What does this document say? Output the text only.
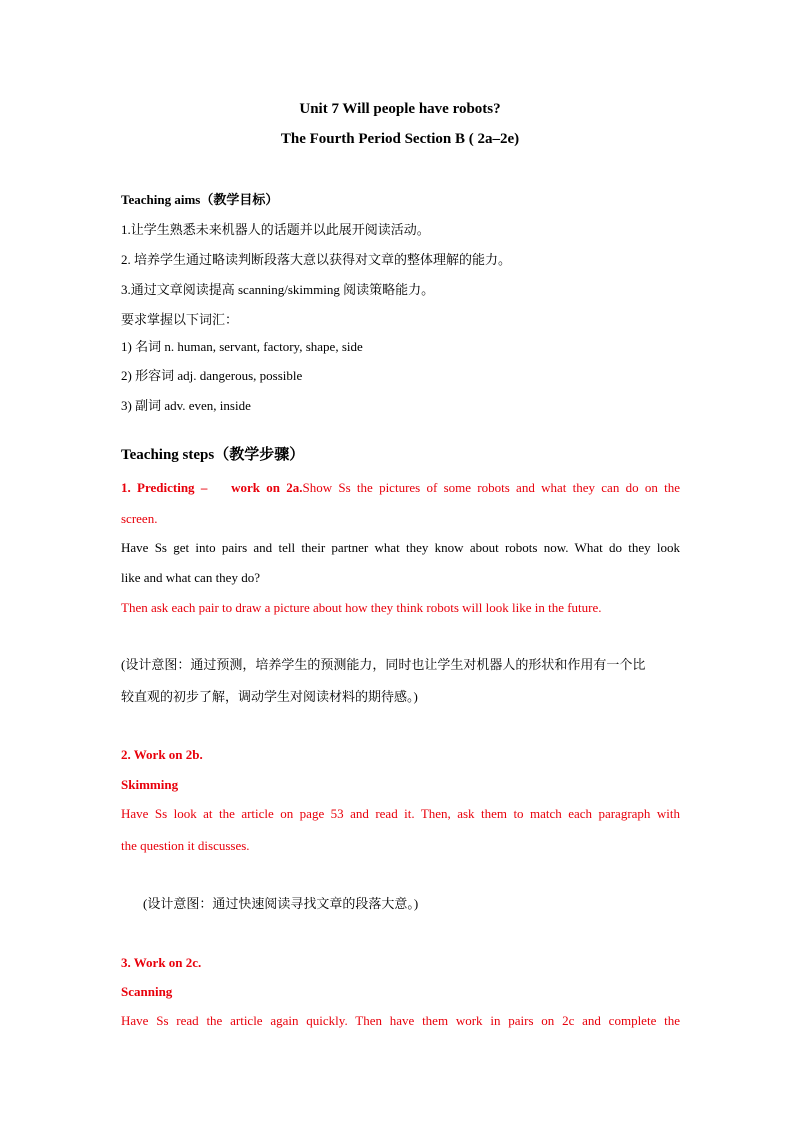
Unit 7 Will people have robots?
The Fourth Period Section B ( 2a–2e)
Teaching aims（教学目标）
1.让学生熟悉未来机器人的话题并以此展开阅读活动。
2. 培养学生通过略读判断段落大意以获得对文章的整体理解的能力。
3.通过文章阅读提高 scanning/skimming 阅读策略能力。
要求掌握以下词汇：
1) 名词 n. human, servant, factory, shape, side
2) 形容词 adj. dangerous, possible
3) 副词 adv. even, inside
Teaching steps（教学步骤）
1. Predicting – work on 2a.Show Ss the pictures of some robots and what they can do on the
screen.
Have Ss get into pairs and tell their partner what they know about robots now. What do they look
like and what can they do?
Then ask each pair to draw a picture about how they think robots will look like in the future.
(设计意图：通过预测，培养学生的预测能力，同时也让学生对机器人的形状和作用有一个比
较直观的初步了解，调动学生对阅读材料的期待感。)
2. Work on 2b.
Skimming
Have Ss look at the article on page 53 and read it. Then, ask them to match each paragraph with
the question it discusses.
(设计意图：通过快速阅读寻找文章的段落大意。)
3. Work on 2c.
Scanning
Have Ss read the article again quickly. Then have them work in pairs on 2c and complete the
